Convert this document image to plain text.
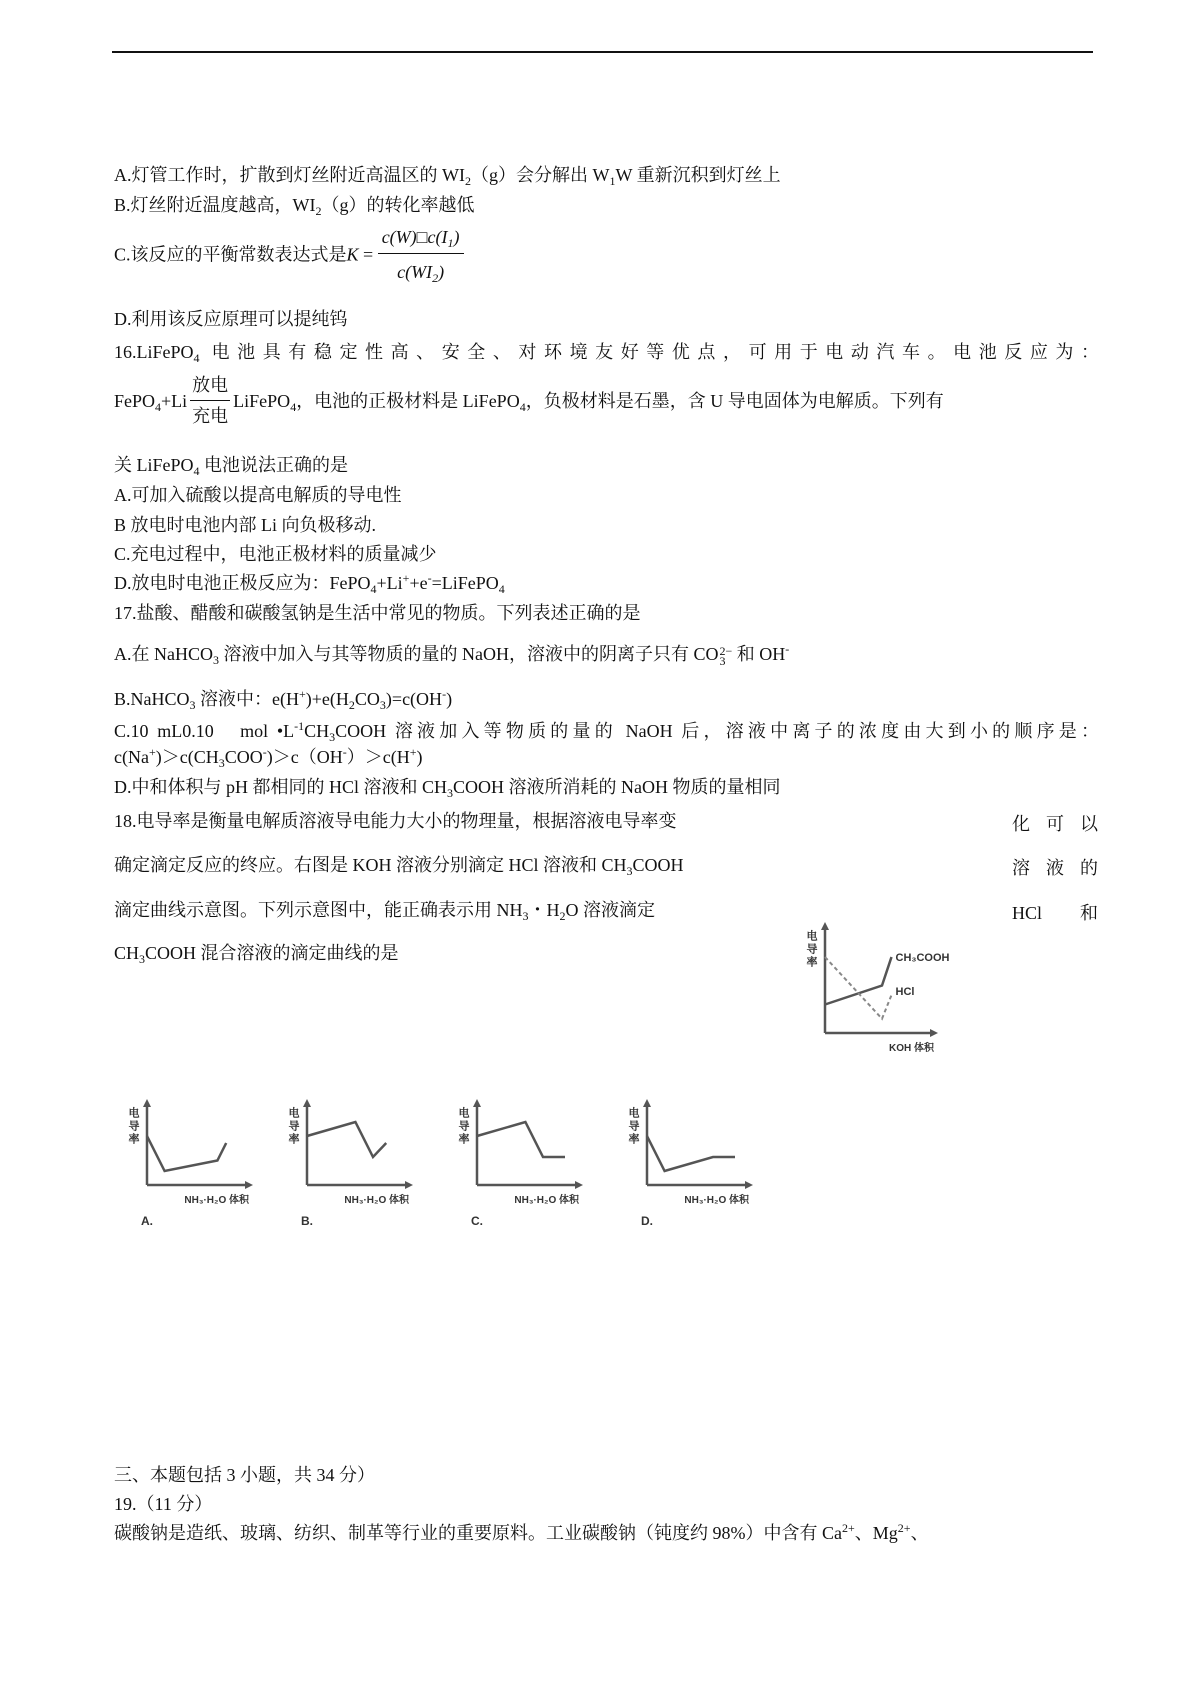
A.灯管工作时，扩散到灯丝附近高温区的 $WI_2(g)$会分解出 $W_1W$ 重新沉积到灯丝上
B.灯丝附近温度越高，$WI_2(g)$的转化率越低
C.该反应的平衡常数表达式是$K = \frac{c(W)□c(I_1)}{c(WI_2)}$
D.利用该反应原理可以提纯钨
16.LiFePO$_4$ 电池具有稳定性高、安全、对环境友好等优点，可用于电动汽车。电池反应为：
FePO$_4$+Li
放电
充电
LiFePO$_4$，电池的正极材料是 LiFePO$_4$，负极材料是石墨，含 U 导电固体为电解质。下列有
关 LiFePO$_4$ 电池说法正确的是
A.可加入硫酸以提高电解质的导电性
B 放电时电池内部 Li 向负极移动.
C.充电过程中，电池正极材料的质量减少
D.放电时电池正极反应为：FePO$_4$+Li++e-=LiFePO$_4$
17.盐酸、醋酸和碳酸氢钠是生活中常见的物质。下列表述正确的是
A.在 NaHCO$_3$ 溶液中加入与其等物质的量的 NaOH，溶液中的阴离子只有 CO 2−
3 和 OH-
B.NaHCO$_3$ 溶液中：$e(H^+)+e(H_2CO_3)=c(OH^-)$
C.10 mL0.10　mol $•L^{-1}CH_3COOH$ 溶液加入等物质的量的 NaOH 后，溶液中离子的浓度由大到小的顺序是：
$c(Na^+)>c(CH_3COO^-)>c(OH^-)>c(H^+)$
D.中和体积与 pH 都相同的 HCl 溶液和 $CH_3COOH$ 溶液所消耗的 NaOH 物质的量相同
18.电导率是衡量电解质溶液导电能力大小的物理量，根据溶液电导率变	化可以
确定滴定反应的终应。右图是 KOH 溶液分别滴定 HCl 溶液和 $CH_3COOH$	溶液的
滴定曲线示意图。下列示意图中，能正确表示用 $NH_3$・$H_2O$ 溶液滴定	HCl 和
$CH_3COOH$ 混合溶液的滴定曲线的是	电导率
KOH 体积
CH₃COOH
HCl
电导率
NH₃·H₂O 体积
A.
电导率
NH₃·H₂O 体积
B.
电导率
NH₃·H₂O 体积
C.
电导率
NH₃·H₂O 体积
D.
三、本题包括 3 小题，共 34 分）
19.（11 分）
碳酸钠是造纸、玻璃、纺织、制革等行业的重要原料。工业碳酸钠（钝度约 98%）中含有 $Ca^{2+}$、$Mg^{2+}$、
